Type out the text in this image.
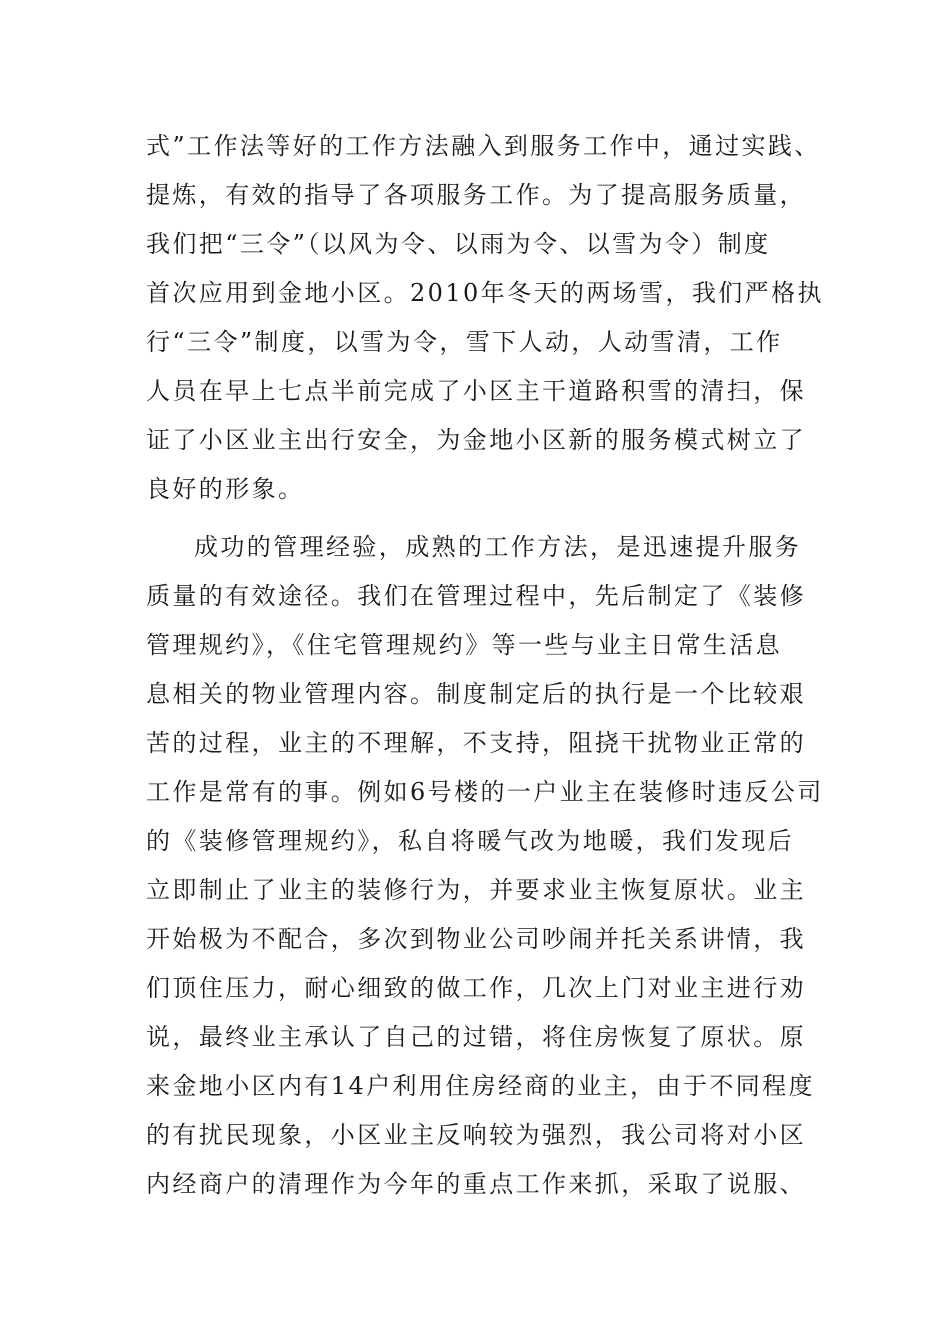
式”工作法等好的工作方法融入到服务工作中，通过实践、
提炼，有效的指导了各项服务工作。为了提高服务质量，
我们把“三令”（以风为令、以雨为令、以雪为令）制度
首次应用到金地小区。2010年冬天的两场雪，我们严格执
行“三令”制度，以雪为令，雪下人动，人动雪清，工作
人员在早上七点半前完成了小区主干道路积雪的清扫，保
证了小区业主出行安全，为金地小区新的服务模式树立了
良好的形象。
成功的管理经验，成熟的工作方法，是迅速提升服务
质量的有效途径。我们在管理过程中，先后制定了《装修
管理规约》，《住宅管理规约》等一些与业主日常生活息
息相关的物业管理内容。制度制定后的执行是一个比较艰
苦的过程，业主的不理解，不支持，阻挠干扰物业正常的
工作是常有的事。例如6号楼的一户业主在装修时违反公司
的《装修管理规约》，私自将暖气改为地暖，我们发现后
立即制止了业主的装修行为，并要求业主恢复原状。业主
开始极为不配合，多次到物业公司吵闹并托关系讲情，我
们顶住压力，耐心细致的做工作，几次上门对业主进行劝
说，最终业主承认了自己的过错，将住房恢复了原状。原
来金地小区内有14户利用住房经商的业主，由于不同程度
的有扰民现象，小区业主反响较为强烈，我公司将对小区
内经商户的清理作为今年的重点工作来抓，采取了说服、
